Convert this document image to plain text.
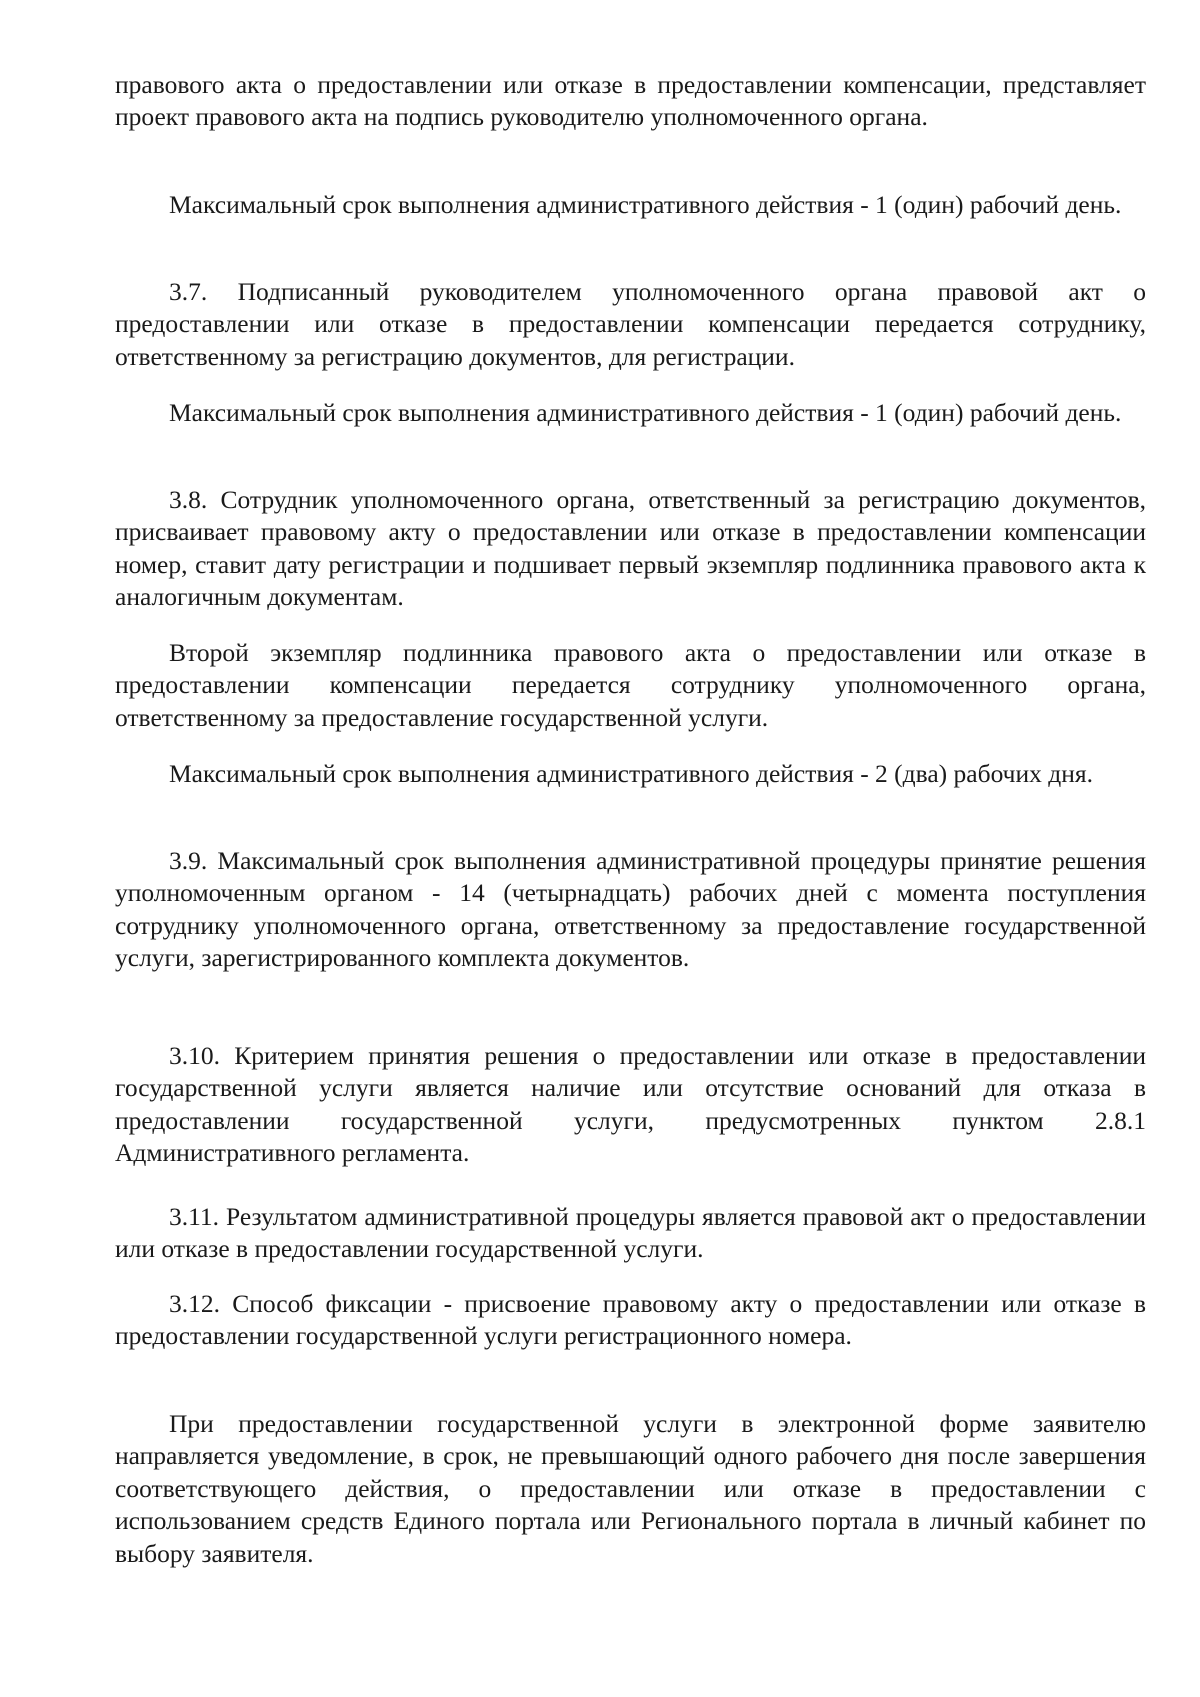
правового акта о предоставлении или отказе в предоставлении компенсации, представляет проект правового акта на подпись руководителю уполномоченного органа.

Максимальный срок выполнения административного действия - 1 (один) рабочий день.

3.7. Подписанный руководителем уполномоченного органа правовой акт о предоставлении или отказе в предоставлении компенсации передается сотруднику, ответственному за регистрацию документов, для регистрации.

Максимальный срок выполнения административного действия - 1 (один) рабочий день.

3.8. Сотрудник уполномоченного органа, ответственный за регистрацию документов, присваивает правовому акту о предоставлении или отказе в предоставлении компенсации номер, ставит дату регистрации и подшивает первый экземпляр подлинника правового акта к аналогичным документам.

Второй экземпляр подлинника правового акта о предоставлении или отказе в предоставлении компенсации передается сотруднику уполномоченного органа, ответственному за предоставление государственной услуги.

Максимальный срок выполнения административного действия - 2 (два) рабочих дня.

3.9. Максимальный срок выполнения административной процедуры принятие решения уполномоченным органом - 14 (четырнадцать) рабочих дней с момента поступления сотруднику уполномоченного органа, ответственному за предоставление государственной услуги, зарегистрированного комплекта документов.

3.10. Критерием принятия решения о предоставлении или отказе в предоставлении государственной услуги является наличие или отсутствие оснований для отказа в предоставлении государственной услуги, предусмотренных пунктом 2.8.1 Административного регламента.

3.11. Результатом административной процедуры является правовой акт о предоставлении или отказе в предоставлении государственной услуги.

3.12. Способ фиксации - присвоение правовому акту о предоставлении или отказе в предоставлении государственной услуги регистрационного номера.

При предоставлении государственной услуги в электронной форме заявителю направляется уведомление, в срок, не превышающий одного рабочего дня после завершения соответствующего действия, о предоставлении или отказе в предоставлении с использованием средств Единого портала или Регионального портала в личный кабинет по выбору заявителя.
